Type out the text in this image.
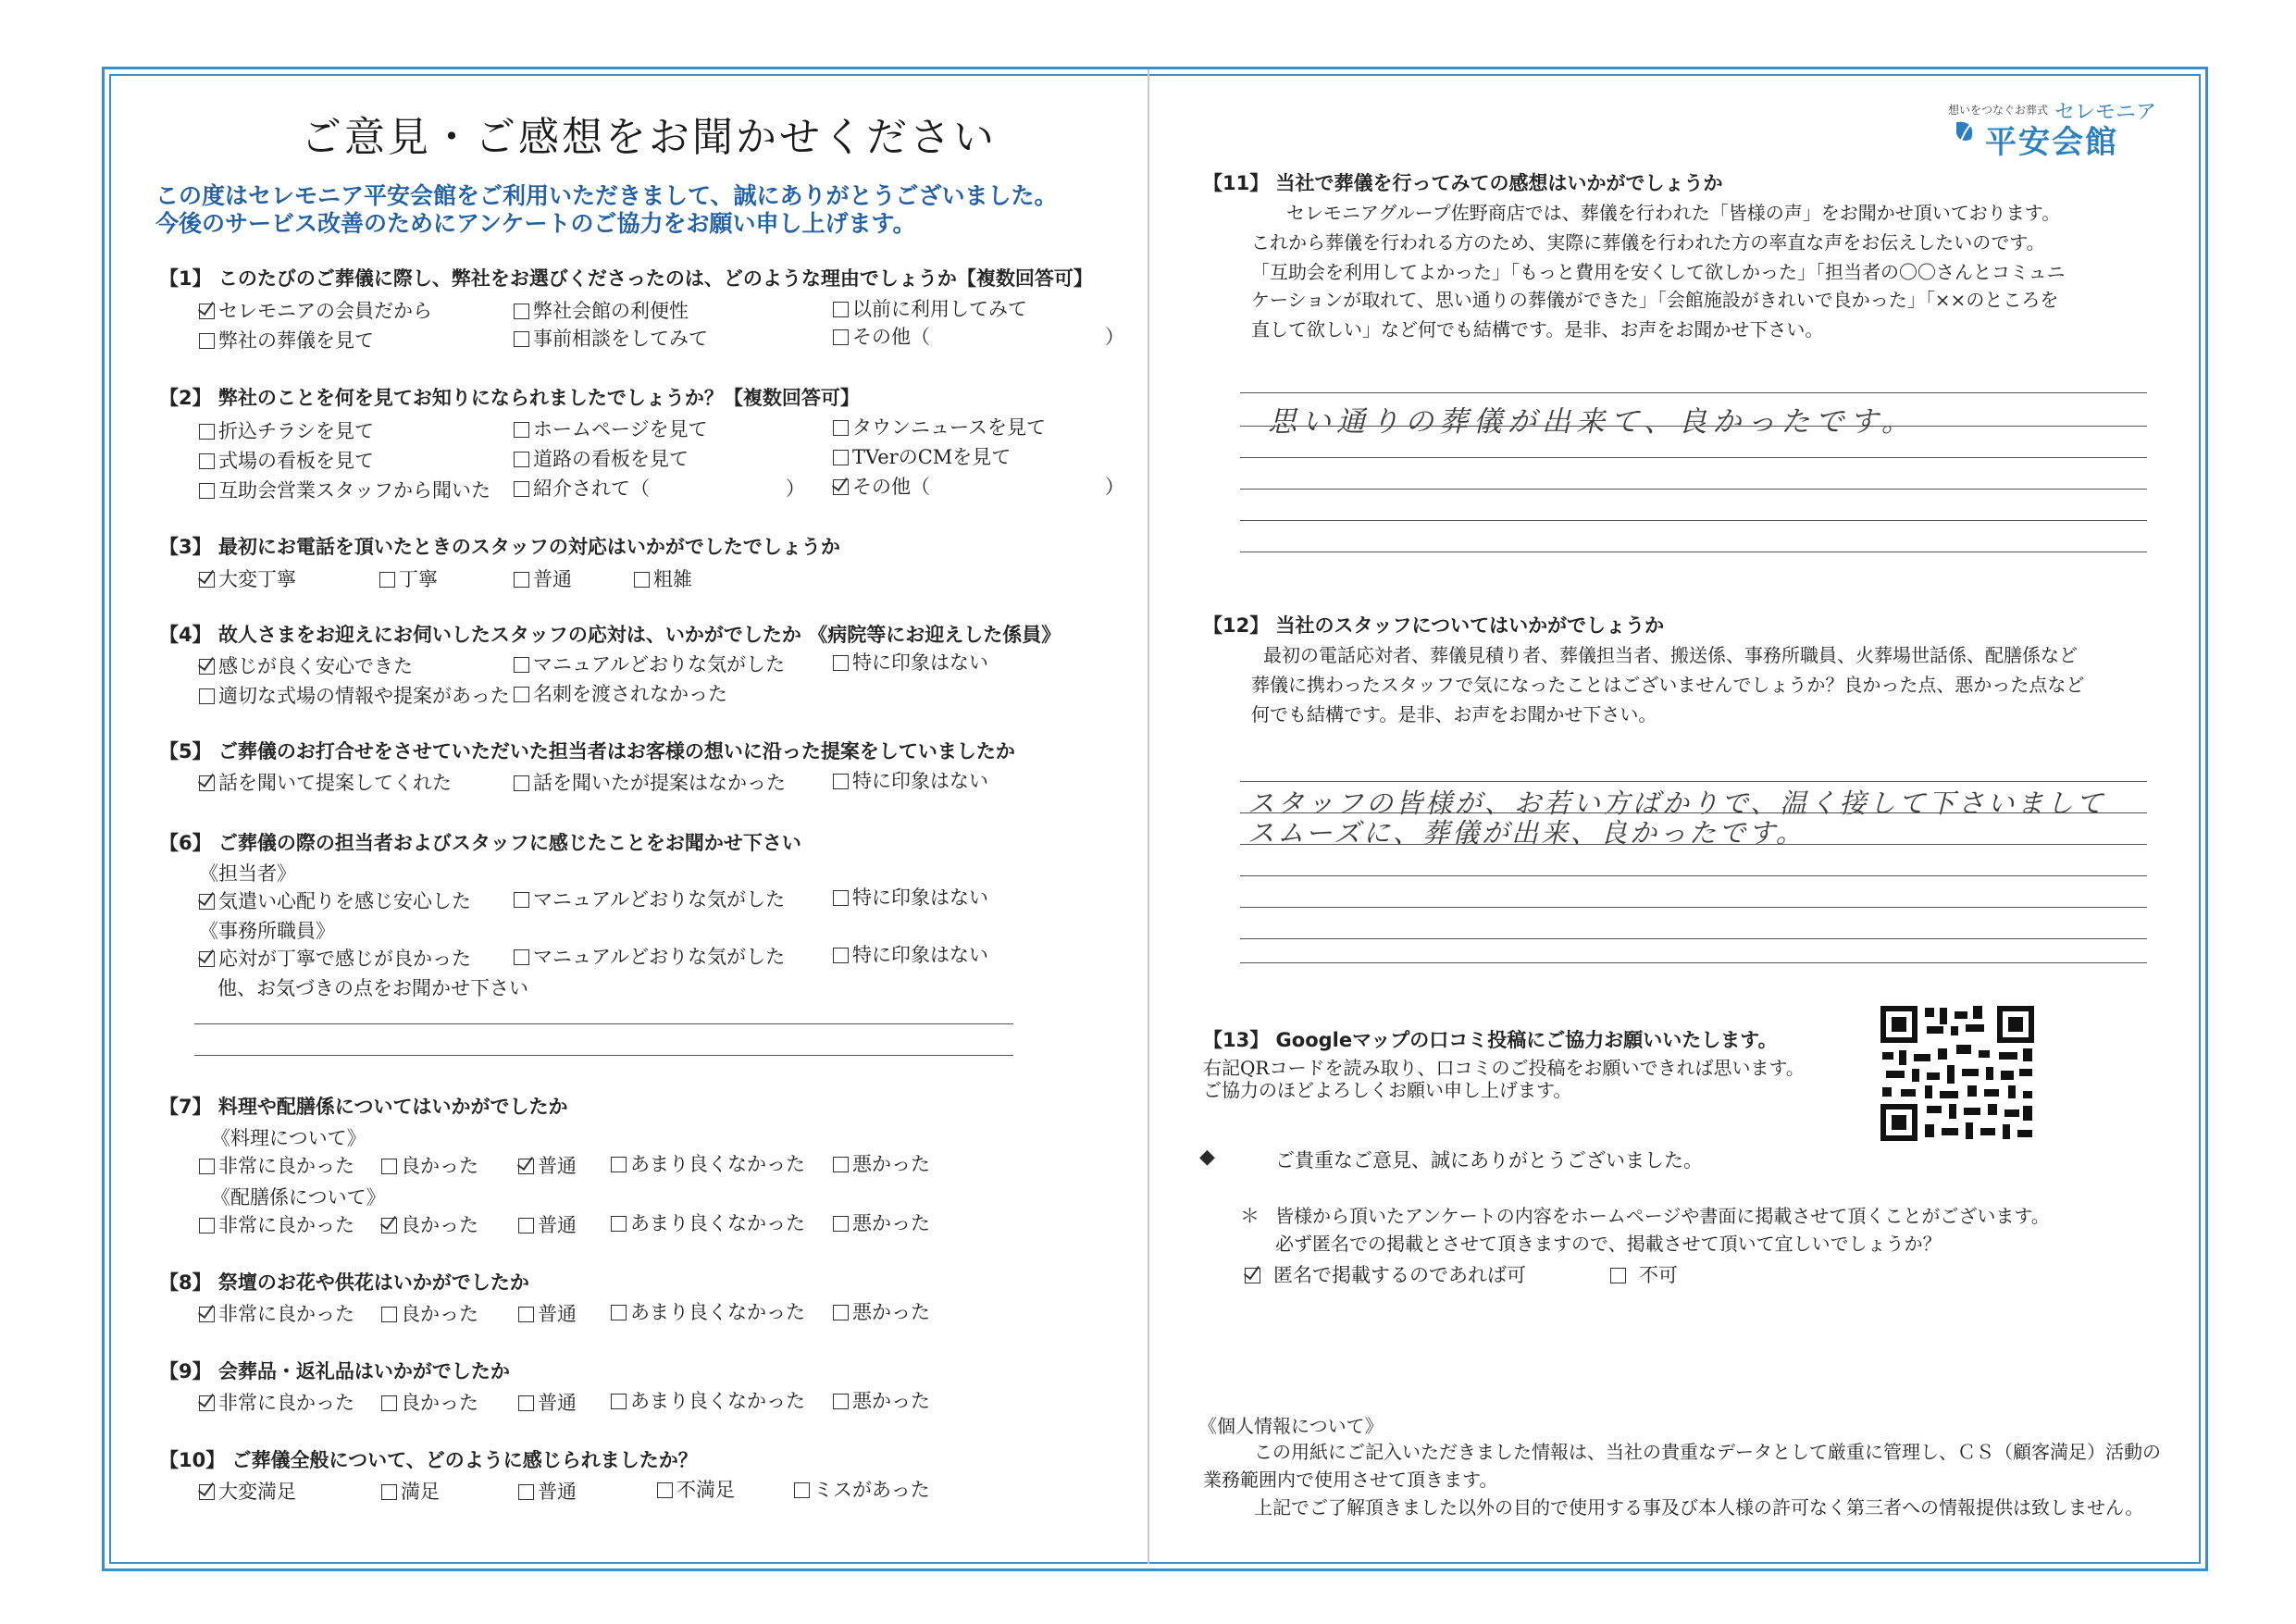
ご意見・ご感想をお聞かせください
この度はセレモニア平安会館をご利用いただきまして、誠にありがとうございました。
今後のサービス改善のためにアンケートのご協力をお願い申し上げます。
【1】 このたびのご葬儀に際し、弊社をお選びくださったのは、どのような理由でしょうか【複数回答可】
セレモニアの会員だから	弊社会館の利便性	以前に利用してみて
弊社の葬儀を見て	事前相談をしてみて	その他（　　　　　　　　　）
【2】 弊社のことを何を見てお知りになられましたでしょうか？【複数回答可】
折込チラシを見て	ホームページを見て	タウンニュースを見て
式場の看板を見て	道路の看板を見て	TVerのCMを見て
互助会営業スタッフから聞いた	紹介されて（　　　　　　　）	その他（　　　　　　　　　）
【3】 最初にお電話を頂いたときのスタッフの対応はいかがでしたでしょうか
大変丁寧	丁寧	普通	粗雑
【4】 故人さまをお迎えにお伺いしたスタッフの応対は、いかがでしたか 《病院等にお迎えした係員》
感じが良く安心できた	マニュアルどおりな気がした	特に印象はない
適切な式場の情報や提案があった	名刺を渡されなかった
【5】 ご葬儀のお打合せをさせていただいた担当者はお客様の想いに沿った提案をしていましたか
話を聞いて提案してくれた	話を聞いたが提案はなかった	特に印象はない
【6】 ご葬儀の際の担当者およびスタッフに感じたことをお聞かせ下さい
《担当者》
気遣い心配りを感じ安心した	マニュアルどおりな気がした	特に印象はない
《事務所職員》
応対が丁寧で感じが良かった	マニュアルどおりな気がした	特に印象はない
他、お気づきの点をお聞かせ下さい
【7】 料理や配膳係についてはいかがでしたか
《料理について》
非常に良かった	良かった	普通	あまり良くなかった	悪かった
《配膳係について》
非常に良かった	良かった	普通	あまり良くなかった	悪かった
【8】 祭壇のお花や供花はいかがでしたか
非常に良かった	良かった	普通	あまり良くなかった	悪かった
【9】 会葬品・返礼品はいかがでしたか
非常に良かった	良かった	普通	あまり良くなかった	悪かった
【10】 ご葬儀全般について、どのように感じられましたか？
大変満足	満足	普通	不満足	ミスがあった
想いをつなぐお葬式 セレモニア
平安会館
【11】 当社で葬儀を行ってみての感想はいかがでしょうか
セレモニアグループ佐野商店では、葬儀を行われた「皆様の声」をお聞かせ頂いております。
これから葬儀を行われる方のため、実際に葬儀を行われた方の率直な声をお伝えしたいのです。
「互助会を利用してよかった」「もっと費用を安くして欲しかった」「担当者の〇〇さんとコミュニ
ケーションが取れて、思い通りの葬儀ができた」「会館施設がきれいで良かった」「××のところを
直して欲しい」など何でも結構です。是非、お声をお聞かせ下さい。
思い通りの葬儀が出来て、良かったです。
【12】 当社のスタッフについてはいかがでしょうか
最初の電話応対者、葬儀見積り者、葬儀担当者、搬送係、事務所職員、火葬場世話係、配膳係など
葬儀に携わったスタッフで気になったことはございませんでしょうか？良かった点、悪かった点など
何でも結構です。是非、お声をお聞かせ下さい。
スタッフの皆様が、お若い方ばかりで、温く接して下さいまして
スムーズに、葬儀が出来、良かったです。
【13】 Googleマップの口コミ投稿にご協力お願いいたします。
右記QRコードを読み取り、口コミのご投稿をお願いできれば思います。
ご協力のほどよろしくお願い申し上げます。
◆	ご貴重なご意見、誠にありがとうございました。
＊ 皆様から頂いたアンケートの内容をホームページや書面に掲載させて頂くことがございます。
必ず匿名での掲載とさせて頂きますので、掲載させて頂いて宜しいでしょうか？
匿名で掲載するのであれば可	不可
《個人情報について》
この用紙にご記入いただきました情報は、当社の貴重なデータとして厳重に管理し、ＣＳ（顧客満足）活動の
業務範囲内で使用させて頂きます。
上記でご了解頂きました以外の目的で使用する事及び本人様の許可なく第三者への情報提供は致しません。
